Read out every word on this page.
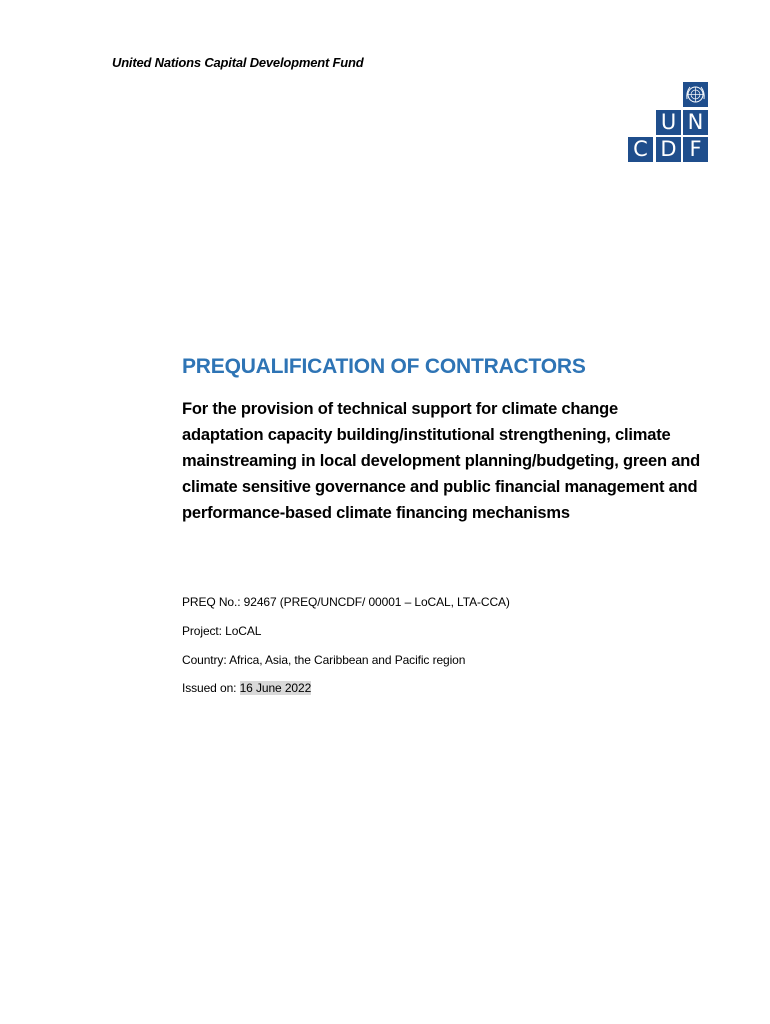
United Nations Capital Development Fund
U N
C D F
PREQUALIFICATION OF CONTRACTORS
For the provision of technical support for climate change adaptation capacity building/institutional strengthening, climate mainstreaming in local development planning/budgeting, green and climate sensitive governance and public financial management and performance-based climate financing mechanisms
PREQ No.: 92467 (PREQ/UNCDF/ 00001 – LoCAL, LTA-CCA)
Project: LoCAL
Country: Africa, Asia, the Caribbean and Pacific region
Issued on: 16 June 2022
